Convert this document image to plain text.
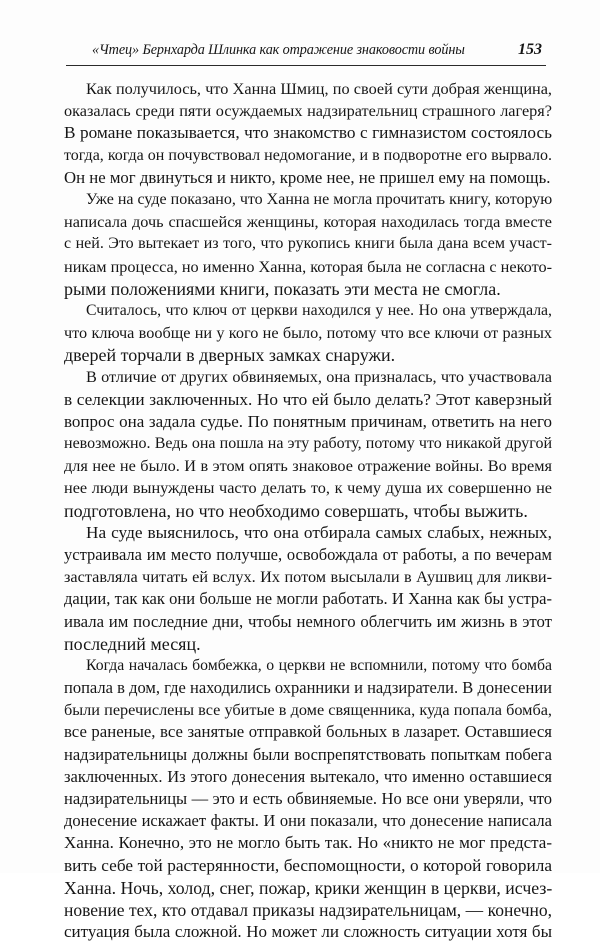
«Чтец» Бернхарда Шлинка как отражение знаковости войны	153
Как получилось, что Ханна Шмиц, по своей сути добрая женщина,
оказалась среди пяти осуждаемых надзирательниц страшного лагеря?
В романе показывается, что знакомство с гимназистом состоялось
тогда, когда он почувствовал недомогание, и в подворотне его вырвало.
Он не мог двинуться и никто, кроме нее, не пришел ему на помощь.
Уже на суде показано, что Ханна не могла прочитать книгу, которую
написала дочь спасшейся женщины, которая находилась тогда вместе
с ней. Это вытекает из того, что рукопись книги была дана всем участ-
никам процесса, но именно Ханна, которая была не согласна с некото-
рыми положениями книги, показать эти места не смогла.
Считалось, что ключ от церкви находился у нее. Но она утверждала,
что ключа вообще ни у кого не было, потому что все ключи от разных
дверей торчали в дверных замках снаружи.
В отличие от других обвиняемых, она призналась, что участвовала
в селекции заключенных. Но что ей было делать? Этот каверзный
вопрос она задала судье. По понятным причинам, ответить на него
невозможно. Ведь она пошла на эту работу, потому что никакой другой
для нее не было. И в этом опять знаковое отражение войны. Во время
нее люди вынуждены часто делать то, к чему душа их совершенно не
подготовлена, но что необходимо совершать, чтобы выжить.
На суде выяснилось, что она отбирала самых слабых, нежных,
устраивала им место получше, освобождала от работы, а по вечерам
заставляла читать ей вслух. Их потом высылали в Аушвиц для ликви-
дации, так как они больше не могли работать. И Ханна как бы устра-
ивала им последние дни, чтобы немного облегчить им жизнь в этот
последний месяц.
Когда началась бомбежка, о церкви не вспомнили, потому что бомба
попала в дом, где находились охранники и надзиратели. В донесении
были перечислены все убитые в доме священника, куда попала бомба,
все раненые, все занятые отправкой больных в лазарет. Оставшиеся
надзирательницы должны были воспрепятствовать попыткам побега
заключенных. Из этого донесения вытекало, что именно оставшиеся
надзирательницы — это и есть обвиняемые. Но все они уверяли, что
донесение искажает факты. И они показали, что донесение написала
Ханна. Конечно, это не могло быть так. Но «никто не мог предста-
вить себе той растерянности, беспомощности, о которой говорила
Ханна. Ночь, холод, снег, пожар, крики женщин в церкви, исчез-
новение тех, кто отдавал приказы надзирательницам, — конечно,
ситуация была сложной. Но может ли сложность ситуации хотя бы
